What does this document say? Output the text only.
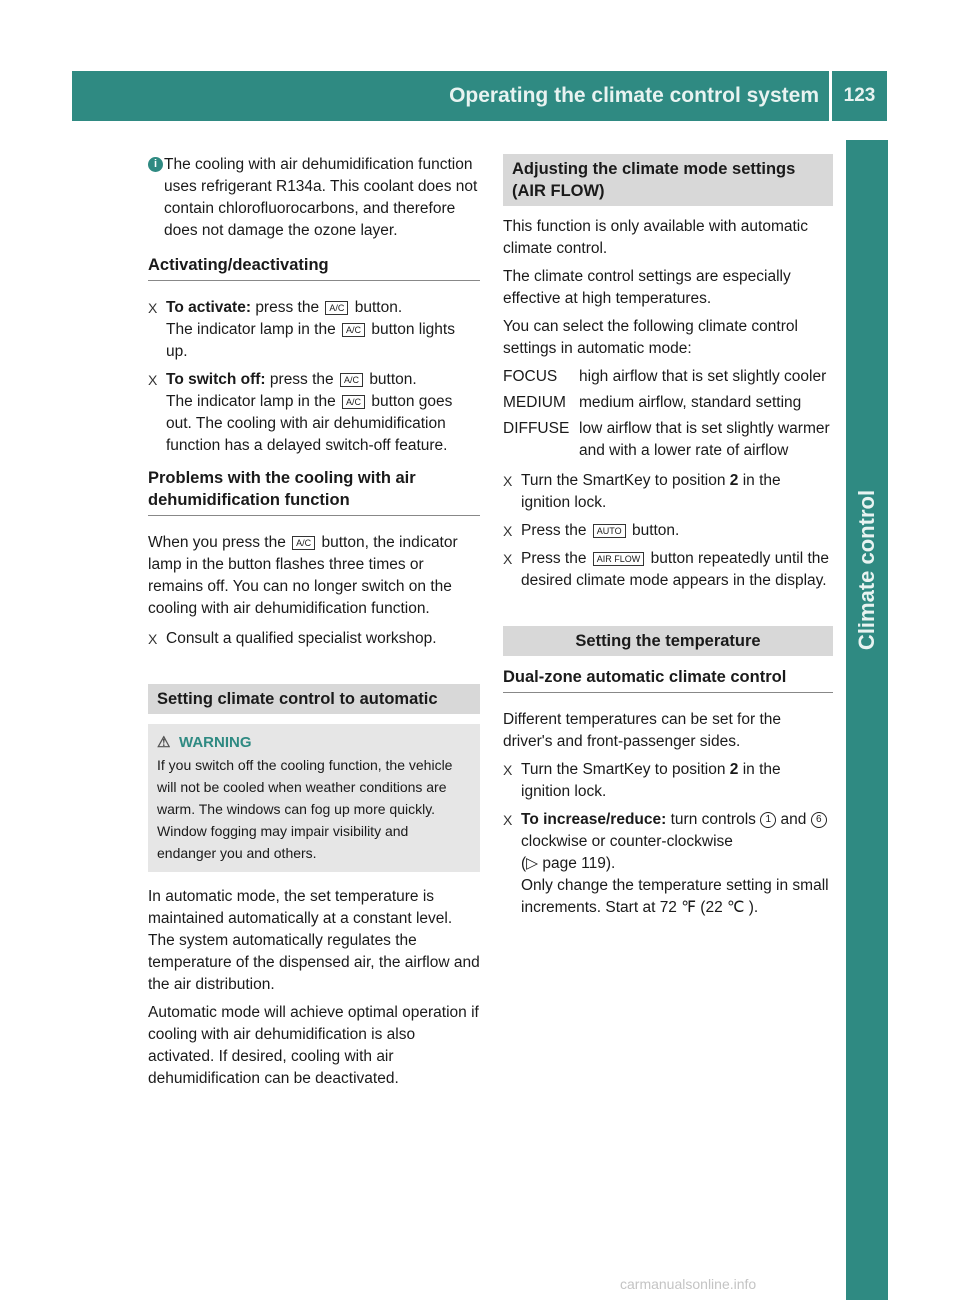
Operating the climate control system	123
Climate control
i The cooling with air dehumidification function uses refrigerant R134a. This coolant does not contain chlorofluorocarbons, and therefore does not damage the ozone layer.
Activating/deactivating
X To activate: press the A/C button.
The indicator lamp in the A/C button lights up.
X To switch off: press the A/C button.
The indicator lamp in the A/C button goes out. The cooling with air dehumidification function has a delayed switch-off feature.
Problems with the cooling with air dehumidification function

When you press the A/C button, the indicator lamp in the button flashes three times or remains off. You can no longer switch on the cooling with air dehumidification function.

X Consult a qualified specialist workshop.
Setting climate control to automatic
⚠ WARNING
If you switch off the cooling function, the vehicle will not be cooled when weather conditions are warm. The windows can fog up more quickly. Window fogging may impair visibility and endanger you and others.

In automatic mode, the set temperature is maintained automatically at a constant level. The system automatically regulates the temperature of the dispensed air, the airflow and the air distribution.

Automatic mode will achieve optimal operation if cooling with air dehumidification is also activated. If desired, cooling with air dehumidification can be deactivated.

Adjusting the climate mode settings (AIR FLOW)

This function is only available with automatic climate control.

The climate control settings are especially effective at high temperatures.

You can select the following climate control settings in automatic mode:

FOCUS	high airflow that is set slightly cooler
MEDIUM medium airflow, standard setting
DIFFUSE low airflow that is set slightly warmer and with a lower rate of airflow
X Turn the SmartKey to position 2 in the ignition lock.
X Press the AUTO button.
X Press the AIR FLOW button repeatedly until the desired climate mode appears in the display.
Setting the temperature
Dual-zone automatic climate control

Different temperatures can be set for the driver's and front-passenger sides.

X Turn the SmartKey to position 2 in the ignition lock.
X To increase/reduce: turn controls 1 and 6 clockwise or counter-clockwise
(▷ page 119).
Only change the temperature setting in small increments. Start at 72 ℉ (22 ℃ ).
carmanualsonline.info
